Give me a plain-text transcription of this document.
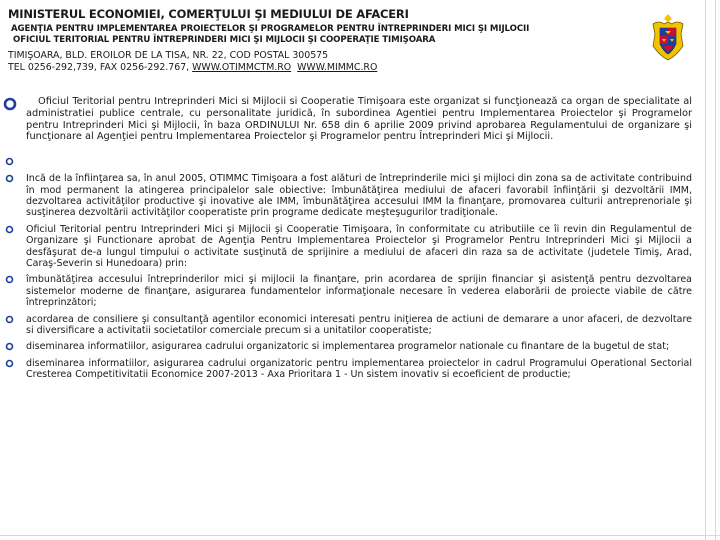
MINISTERUL ECONOMIEI, COMERŢULUI ŞI MEDIULUI DE AFACERI

AGENŢIA PENTRU IMPLEMENTAREA PROIECTELOR ŞI PROGRAMELOR PENTRU ÎNTREPRINDERI MICI ŞI MIJLOCII

OFICIUL TERITORIAL PENTRU ÎNTREPRINDERI MICI ŞI MIJLOCII ŞI COOPERAŢIE TIMIŞOARA

TIMIŞOARA, BLD. EROILOR DE LA TISA, NR. 22, COD POSTAL 300575

TEL 0256-292,739, FAX 0256-292.767, WWW.OTIMMCTM.RO WWW.MIMMC.RO

Oficiul Teritorial pentru Intreprinderi Mici si Mijlocii si Cooperatie Timişoara este organizat si funcţionează ca organ de specialitate al administratiei publice centrale, cu personalitate juridică, în subordinea Agentiei pentru Implementarea Proiectelor şi Programelor pentru Intreprinderi Mici şi Mijlocii, în baza ORDINULUI Nr. 658 din 6 aprilie 2009 privind aprobarea Regulamentului de organizare şi funcţionare al Agenţiei pentru Implementarea Proiectelor şi Programelor pentru Întreprinderi Mici şi Mijlocii.

Incă de la înfiinţarea sa, în anul 2005, OTIMMC Timişoara a fost alături de întreprinderile mici şi mijloci din zona sa de activitate contribuind în mod permanent la atingerea principalelor sale obiective: îmbunătăţirea mediului de afaceri favorabil înfiinţării şi dezvoltării IMM, dezvoltarea activităţilor productive şi inovative ale IMM, îmbunătăţirea accesului IMM la finanţare, promovarea culturii antreprenoriale şi susţinerea dezvoltării activităţilor cooperatiste prin programe dedicate meşteşugurilor tradiţionale.

Oficiul Teritorial pentru Intreprinderi Mici şi Mijlocii şi Cooperatie Timişoara, în conformitate cu atributiile ce îi revin din Regulamentul de Organizare şi Functionare aprobat de Agenţia Pentru Implementarea Proiectelor şi Programelor Pentru Intreprinderi Mici şi Mijlocii a desfăşurat de-a lungul timpului o activitate susţinută de sprijinire a mediului de afaceri din raza sa de activitate (judetele Timiş, Arad, Caraş-Severin si Hunedoara) prin:

îmbunătăţirea accesului întreprinderilor mici şi mijlocii la finanţare, prin acordarea de sprijin financiar şi asistenţă pentru dezvoltarea sistemelor moderne de finanţare, asigurarea fundamentelor informaţionale necesare în vederea elaborării de proiecte viabile de către întreprinzători;

acordarea de consiliere şi consultanţă agentilor economici interesati pentru iniţierea de actiuni de demarare a unor afaceri, de dezvoltare si diversificare a activitatii societatilor comerciale precum si a unitatilor cooperatiste;

diseminarea informatiilor, asigurarea cadrului organizatoric si implementarea programelor nationale cu finantare de la bugetul de stat;

diseminarea informatiilor, asigurarea cadrului organizatoric pentru implementarea proiectelor in cadrul Programului Operational Sectorial Cresterea Competitivitatii Economice 2007-2013 - Axa Prioritara 1 - Un sistem inovativ si ecoeficient de productie;
